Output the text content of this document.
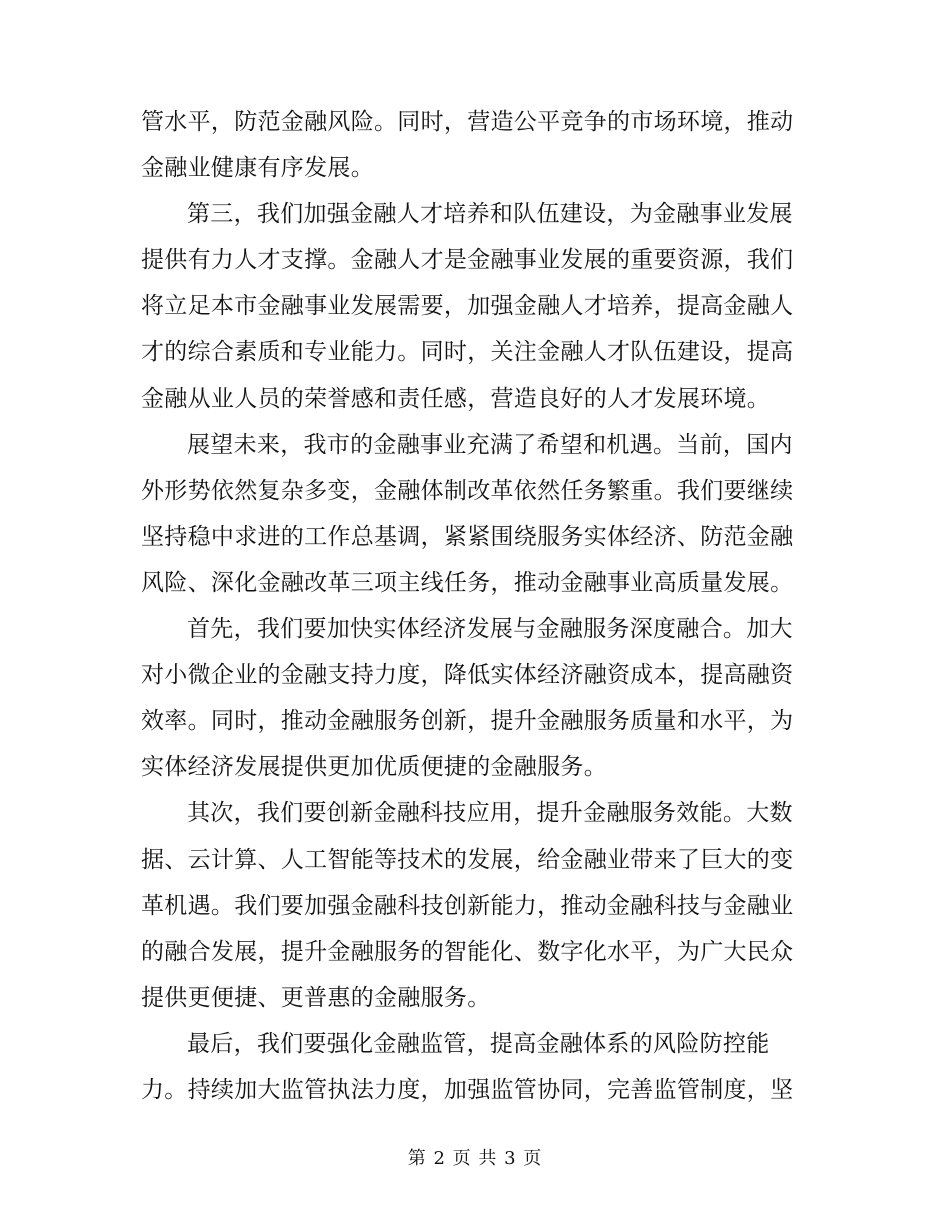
管水平，防范金融风险。同时，营造公平竞争的市场环境，推动
金融业健康有序发展。
第三，我们加强金融人才培养和队伍建设，为金融事业发展
提供有力人才支撑。金融人才是金融事业发展的重要资源，我们
将立足本市金融事业发展需要，加强金融人才培养，提高金融人
才的综合素质和专业能力。同时，关注金融人才队伍建设，提高
金融从业人员的荣誉感和责任感，营造良好的人才发展环境。
展望未来，我市的金融事业充满了希望和机遇。当前，国内
外形势依然复杂多变，金融体制改革依然任务繁重。我们要继续
坚持稳中求进的工作总基调，紧紧围绕服务实体经济、防范金融
风险、深化金融改革三项主线任务，推动金融事业高质量发展。
首先，我们要加快实体经济发展与金融服务深度融合。加大
对小微企业的金融支持力度，降低实体经济融资成本，提高融资
效率。同时，推动金融服务创新，提升金融服务质量和水平，为
实体经济发展提供更加优质便捷的金融服务。
其次，我们要创新金融科技应用，提升金融服务效能。大数
据、云计算、人工智能等技术的发展，给金融业带来了巨大的变
革机遇。我们要加强金融科技创新能力，推动金融科技与金融业
的融合发展，提升金融服务的智能化、数字化水平，为广大民众
提供更便捷、更普惠的金融服务。
最后，我们要强化金融监管，提高金融体系的风险防控能
力。持续加大监管执法力度，加强监管协同，完善监管制度，坚
第 2 页 共 3 页
